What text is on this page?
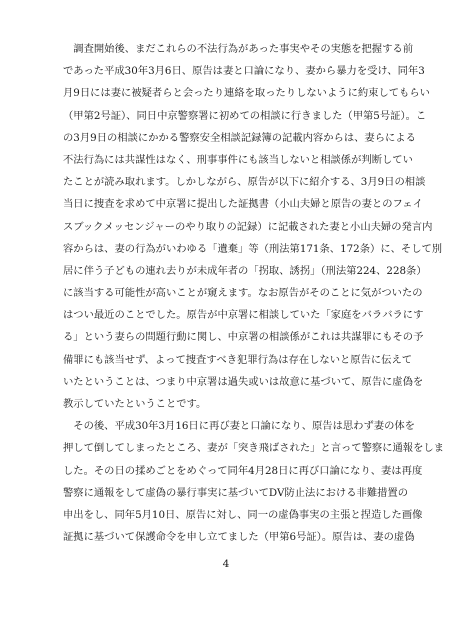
　調査開始後、まだこれらの不法行為があった事実やその実態を把握する前
であった平成30年3月6日、原告は妻と口論になり、妻から暴力を受け、同年3
月9日には妻に被疑者らと会ったり連絡を取ったりしないように約束してもらい
（甲第2号証）、同日中京警察署に初めての相談に行きました（甲第5号証）。こ
の3月9日の相談にかかる警察安全相談記録簿の記載内容からは、妻らによる
不法行為には共謀性はなく、刑事事件にも該当しないと相談係が判断してい
たことが読み取れます。しかしながら、原告が以下に紹介する、3月9日の相談
当日に捜査を求めて中京署に提出した証拠書（小山夫婦と原告の妻とのフェイ
スブックメッセンジャーのやり取りの記録）に記載された妻と小山夫婦の発言内
容からは、妻の行為がいわゆる「遺棄」等（刑法第171条、172条）に、そして別
居に伴う子どもの連れ去りが未成年者の「拐取、誘拐」（刑法第224、228条）
に該当する可能性が高いことが窺えます。なお原告がそのことに気がついたの
はつい最近のことでした。原告が中京署に相談していた「家庭をバラバラにす
る」という妻らの問題行動に関し、中京署の相談係がこれは共謀罪にもその予
備罪にも該当せず、よって捜査すべき犯罪行為は存在しないと原告に伝えて
いたということは、つまり中京署は過失或いは故意に基づいて、原告に虚偽を
教示していたということです。
　その後、平成30年3月16日に再び妻と口論になり、原告は思わず妻の体を
押して倒してしまったところ、妻が「突き飛ばされた」と言って警察に通報をしま
した。その日の揉めごとをめぐって同年4月28日に再び口論になり、妻は再度
警察に通報をして虚偽の暴行事実に基づいてDV防止法における非難措置の
申出をし、同年5月10日、原告に対し、同一の虚偽事実の主張と捏造した画像
証拠に基づいて保護命令を申し立てました（甲第6号証）。原告は、妻の虚偽
4
